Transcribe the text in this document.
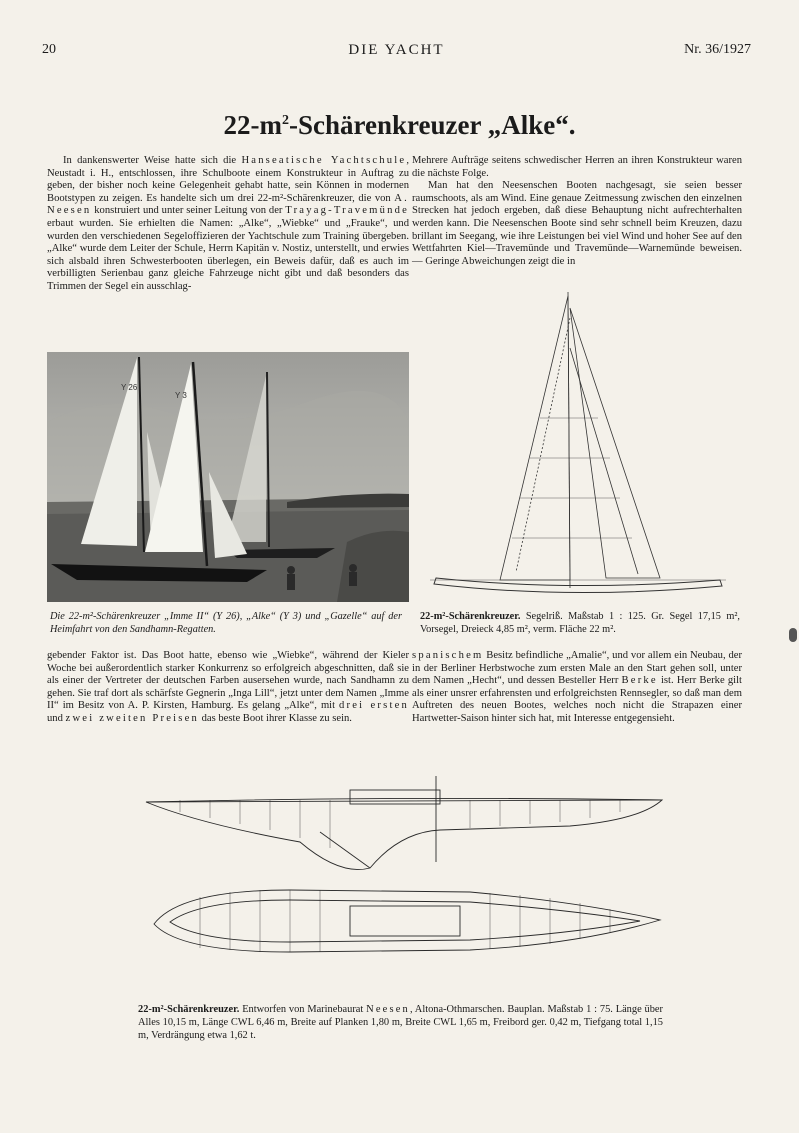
20	DIE YACHT	Nr. 36/1927
$22-m^2$-Schärenkreuzer „Alke“.

In dankenswerter Weise hatte sich die Hanseatische Yachtschule, Neustadt i. H., entschlossen, ihre Schulboote einem Konstrukteur in Auftrag zu geben, der bisher noch keine Gelegenheit gehabt hatte, sein Können in modernen Bootstypen zu zeigen. Es handelte sich um drei 22-m²-Schärenkreuzer, die von A. Neesen konstruiert und unter seiner Leitung von der Trayag-Travemünde erbaut wurden. Sie erhielten die Namen: „Alke“, „Wiebke“ und „Frauke“, und wurden den verschiedenen Segeloffizieren der Yachtschule zum Training übergeben. „Alke“ wurde dem Leiter der Schule, Herrn Kapitän v. Nostiz, unterstellt, und erwies sich alsbald ihren Schwesterbooten überlegen, ein Beweis dafür, daß es auch im verbilligten Serienbau ganz gleiche Fahrzeuge nicht gibt und daß besonders das Trimmen der Segel ein ausschlag-

Mehrere Aufträge seitens schwedischer Herren an ihren Konstrukteur waren die nächste Folge.

Man hat den Neesenschen Booten nachgesagt, sie seien besser raumschoots, als am Wind. Eine genaue Zeitmessung zwischen den einzelnen Strecken hat jedoch ergeben, daß diese Behauptung nicht aufrechterhalten werden kann. Die Neesenschen Boote sind sehr schnell beim Kreuzen, dazu brillant im Seegang, wie ihre Leistungen bei viel Wind und hoher See auf den Wettfahrten Kiel—Travemünde und Travemünde—Warnemünde beweisen. — Geringe Abweichungen zeigt die in

Y 26
Y 3
Die 22-m²-Schärenkreuzer „Imme II“ (Y 26), „Alke“ (Y 3) und „Gazelle“ auf der Heimfahrt von den Sandhamn-Regatten.
22-m²-Schärenkreuzer. Segelriß. Maßstab 1 : 125. Gr. Segel 17,15 m², Vorsegel, Dreieck 4,85 m², verm. Fläche 22 m².

gebender Faktor ist. Das Boot hatte, ebenso wie „Wiebke“, während der Kieler Woche bei außerordentlich starker Konkurrenz so erfolgreich abgeschnitten, daß sie als einer der Vertreter der deutschen Farben ausersehen wurde, nach Sandhamn zu gehen. Sie traf dort als schärfste Gegnerin „Inga Lill“, jetzt unter dem Namen „Imme II“ im Besitz von A. P. Kirsten, Hamburg. Es gelang „Alke“, mit drei ersten und zwei zweiten Preisen das beste Boot ihrer Klasse zu sein.

spanischem Besitz befindliche „Amalie“, und vor allem ein Neubau, der in der Berliner Herbstwoche zum ersten Male an den Start gehen soll, unter dem Namen „Hecht“, und dessen Besteller Herr Berke ist. Herr Berke gilt als einer unsrer erfahrensten und erfolgreichsten Rennsegler, so daß man dem Auftreten des neuen Bootes, welches noch nicht die Strapazen einer Hartwetter-Saison hinter sich hat, mit Interesse entgegensieht.

22-m²-Schärenkreuzer. Entworfen von Marinebaurat Neesen, Altona-Othmarschen. Bauplan. Maßstab 1 : 75. Länge über Alles 10,15 m, Länge CWL 6,46 m, Breite auf Planken 1,80 m, Breite CWL 1,65 m, Freibord ger. 0,42 m, Tiefgang total 1,15 m, Verdrängung etwa 1,62 t.
